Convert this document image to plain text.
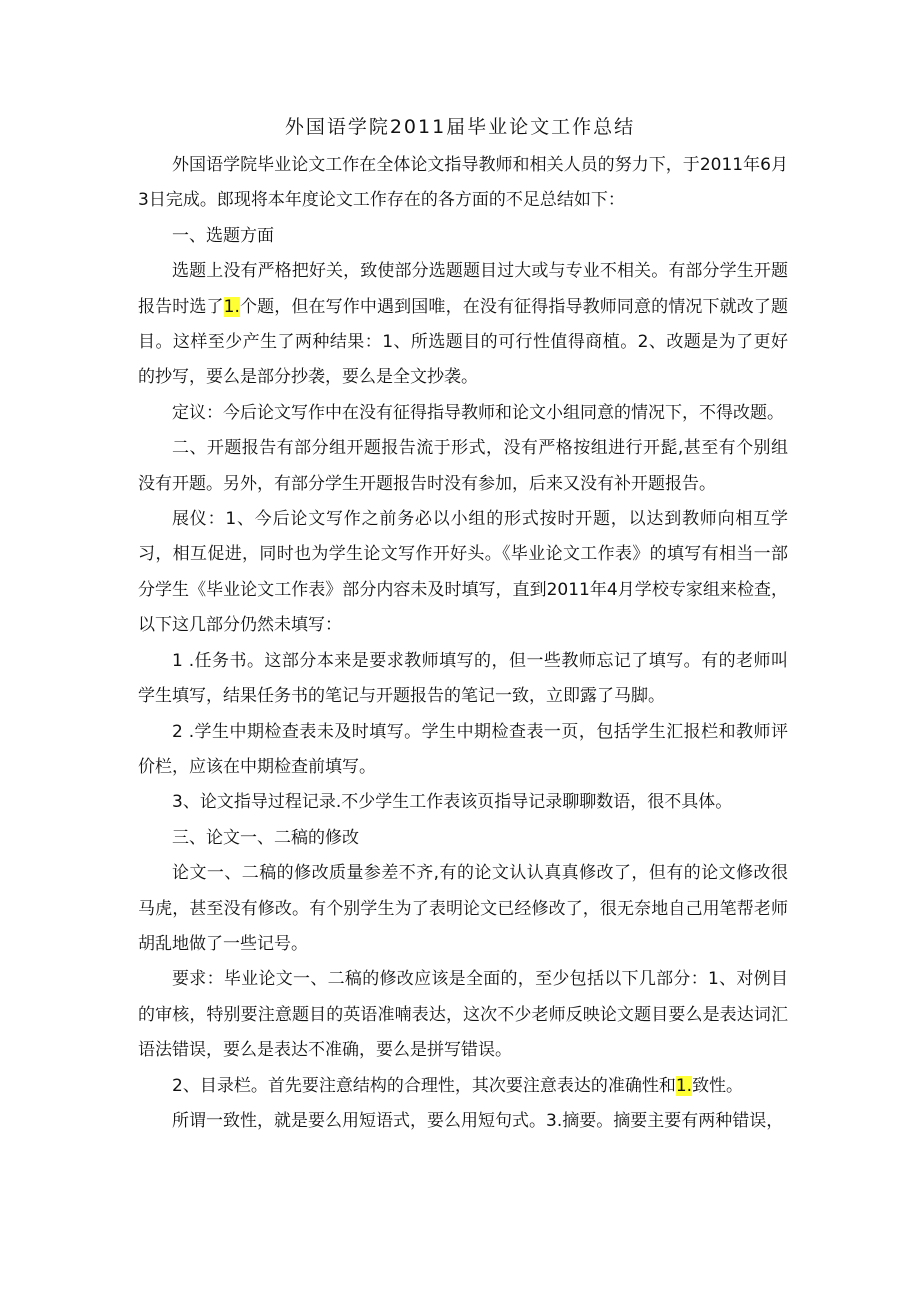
外国语学院2011届毕业论文工作总结

外国语学院毕业论文工作在全体论文指导教师和相关人员的努力下，于2011年6月3日完成。郎现将本年度论文工作存在的各方面的不足总结如下：

一、选题方面

选题上没有严格把好关，致使部分选题题目过大或与专业不相关。有部分学生开题报告时选了1.个题，但在写作中遇到国唯，在没有征得指导教师同意的情况下就改了题目。这样至少产生了两种结果：1、所选题目的可行性值得商植。2、改题是为了更好的抄写，要么是部分抄袭，要么是全文抄袭。

定议：今后论文写作中在没有征得指导教师和论文小组同意的情况下，不得改题。

二、开题报告有部分组开题报告流于形式，没有严格按组进行开髭,甚至有个别组没有开题。另外，有部分学生开题报告时没有参加，后来又没有补开题报告。

展仪：1、今后论文写作之前务必以小组的形式按时开题，以达到教师向相互学习，相互促进，同时也为学生论文写作开好头。《毕业论文工作表》的填写有相当一部分学生《毕业论文工作表》部分内容未及时填写，直到2011年4月学校专家组来检查，以下这几部分仍然未填写：

1 .任务书。这部分本来是要求教师填写的，但一些教师忘记了填写。有的老师叫学生填写，结果任务书的笔记与开题报告的笔记一致，立即露了马脚。

2 .学生中期检查表未及时填写。学生中期检查表一页，包括学生汇报栏和教师评价栏，应该在中期检查前填写。

3、论文指导过程记录.不少学生工作表该页指导记录聊聊数语，很不具体。

三、论文一、二稿的修改

论文一、二稿的修改质量参差不齐,有的论文认认真真修改了，但有的论文修改很马虎，甚至没有修改。有个别学生为了表明论文已经修改了，很无奈地自己用笔帮老师胡乱地做了一些记号。

要求：毕业论文一、二稿的修改应该是全面的，至少包括以下几部分：1、对例目的审核，特别要注意题目的英语准喃表达，这次不少老师反映论文题目要么是表达词汇语法错误，要么是表达不准确，要么是拼写错误。

2、目录栏。首先要注意结构的合理性，其次要注意表达的准确性和1.致性。

所谓一致性，就是要么用短语式，要么用短句式。3.摘要。摘要主要有两种错误，
